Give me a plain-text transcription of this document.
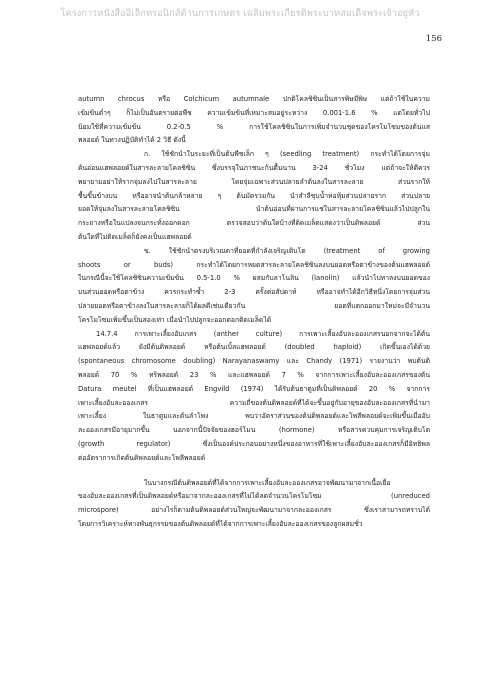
โครงการหนังสืออิเล็กทรอนิกส์ด้านการเกษตร เฉลิมพระเกียรติพระบาทสมเด็จพระเจ้าอยู่หัว
156
autumn chrocus หรือ Colchicum autumnale ปกติโคลชิซินเป็นสารพิษมีพิษ แต่ถ้าใช้ในความ
เข้มข้นต่ำๆ ก็ไม่เป็นอันตรายต่อพืช ความเข้มข้นที่เหมาะสมอยู่ระหว่าง 0.001-1.6 % แต่โดยทั่วไป
นิยมใช้ที่ความเข้มข้น 0.2-0.5 % การใช้โคลชิซินในการเพิ่มจำนวนชุดของโครโมโซมของต้นแส
พลอยด์ ในทางปฏิบัติทำได้ 2 วิธี ดังนี้
ก. ใช้ชักนำในระยะที่เป็นต้นพืชเล็ก ๆ (seedling treatment) กระทำได้โดยการจุ่ม
ต้นอ่อนแฮพลอยด์ในสารละลายโคลชิซิน ซึ่งบรรจุในภาชนะก้นตื้นนาน 3-24 ชั่วโมง แต่ถ้าจะให้ดีควร
พยายามอย่าให้รากจุ่มลงไปในสารละลาย โดยจุ่มเฉพาะส่วนปลายลำต้นลงในสารละลาย ส่วนรากให้
ชื้นขึ้นข้างบน หรืออาจนำต้นกล้าหลาย ๆ ต้นมัดรวมกัน นำสำลีชุบน้ำห่อหุ้มส่วนปลายราก ส่วนปลาย
ยอดให้จุ่มลงในสารละลายโคลชิซิน นำต้นอ่อนที่ผ่านการแช่ในสารละลายโคลชิซินแล้วไปปลูกใน
กระถางหรือในแปลงจนกระทั่งออกดอก ตรวจสอบว่าต้นใดบ้างที่ติดเมล็ดแสดงว่าเป็นดิพลอยด์ ส่วน
ต้นใดที่ไม่ติดเมล็ดก็ยังคงเป็นแฮพลอยด์
ข. ใช้ชักนำตรงบริเวณตาที่ยอดที่กำลังเจริญเติบโต (treatment of growing
shoots or buds) กระทำได้โดยการหยดสารละลายโคลชิซินลงบนยอดหรือตาข้างของต้นแฮพลอยด์
ในกรณีนี้จะใช้โคลชิซินความเข้มข้น 0.5-1.0 % ผสมกับลาโนลิน (lanolin) แล้วนำไปทาลงบนยอดของ
บนส่วนยอดหรือตาข้าง ควรกระทำซ้ำ 2-3 ครั้งต่อสัปดาห์ หรืออาจทำได้อีกวิธีหนึ่งโดยการจุ่มส่วน
ปลายยอดหรือตาข้างลงในสารละลายก็ได้ผลดีเช่นเดียวกัน ยอดที่แตกออกมาใหม่จะมีจำนวน
โครโมโซมเพิ่มขึ้นเป็นสองเท่า เมื่อนำไปปลูกจะออกดอกติดเมล็ดได้
14.7.4 การเพาะเลี้ยงอับเกสร (anther culture) การเพาะเลี้ยงอับละอองเกสรนอกจากจะได้ต้น
แฮพลอยด์แล้ว ยังมีต้นดิพลอยด์ หรือต้นเบิ้ลแฮพลอยด์ (doubled haploid) เกิดขึ้นเองได้ด้วย
(spontaneous chromosome doubling) Narayanaswamy และ Chandy (1971) รายงานว่า พบต้นดิ
พลอยด์ 70 % ทริพลอยด์ 23 % และแฮพลอยด์ 7 % จากการเพาะเลี้ยงอับละอองเกสรของต้น
Datura meutel ที่เป็นแฮพลอยด์ Engvild (1974) ได้รับต้นธาตูมที่เป็นดิพลอยด์ 20 % จากการ
เพาะเลี้ยงอับละอองเกสร ความถี่ของต้นดิพลอยด์ที่ได้จะขึ้นอยู่กับอายุของอับละอองเกสรที่นำมา
เพาะเลี้ยง ในธาตูมและต้นลำโพง พบว่าอัตราส่วนของต้นดิพลอยด์และโพลีพลอยด์จะเพิ่มขึ้นเมื่ออับ
ละอองเกสรมีอายุมากขึ้น นอกจากนี้ปัจจัยของฮอร์โมน (hormone) หรือสารควบคุมการเจริญเติบโต
(growth regulator) ซึ่งเป็นองค์ประกอบอย่างหนึ่งของอาหารที่ใช้เพาะเลี้ยงอับละอองเกสรก็มีอิทธิพล
ต่ออัตราการเกิดต้นดิพลอยด์และโพลีพลอยด์
ในบางกรณีต้นดิพลอยด์ที่ได้จากการเพาะเลี้ยงอับละอองเกสรอาจพัฒนามาจากเนื้อเยื่อ
ของอับละอองเกสรที่เป็นดิพลอยด์หรือมาจากละอองเกสรที่ไม่ได้ลดจำนวนโครโมโซม (unreduced
microspore) อย่างไรก็ตามต้นดิพลอยด์ส่วนใหญ่จะพัฒนามาจากละอองเกสร ซึ่งเราสามารถทราบได้
โดยการวิเคราะห์ทางพันธุกรรมของต้นดิพลอยด์ที่ได้จากการเพาะเลี้ยงอับละอองเกสรของลูกผสมชั่ว
